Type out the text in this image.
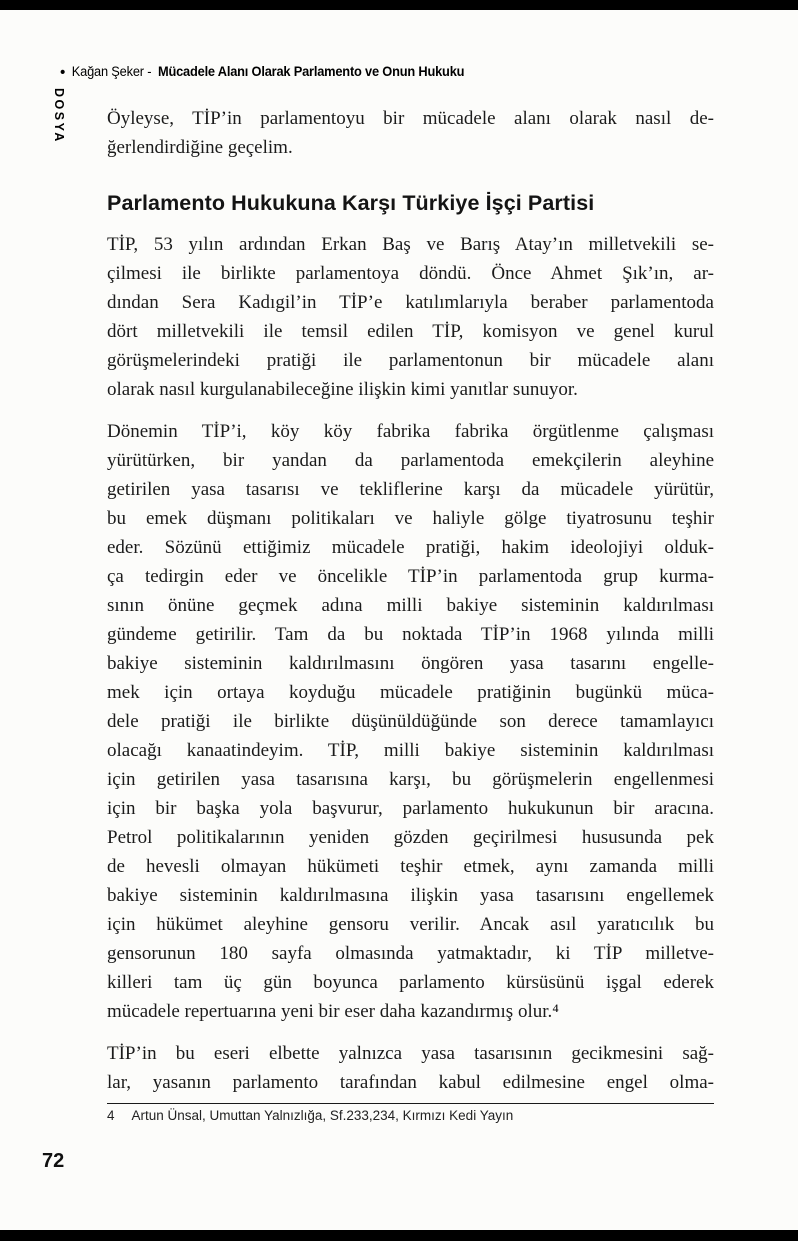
• Kağan Şeker - Mücadele Alanı Olarak Parlamento ve Onun Hukuku
DOSYA Öyleyse, TİP’in parlamentoyu bir mücadele alanı olarak nasıl de-
ğerlendirdiğine geçelim.

Parlamento Hukukuna Karşı Türkiye İşçi Partisi

TİP, 53 yılın ardından Erkan Baş ve Barış Atay’ın milletvekili se-
çilmesi ile birlikte parlamentoya döndü. Önce Ahmet Şık’ın, ar-
dından Sera Kadıgil’in TİP’e katılımlarıyla beraber parlamentoda
dört milletvekili ile temsil edilen TİP, komisyon ve genel kurul
görüşmelerindeki pratiği ile parlamentonun bir mücadele alanı
olarak nasıl kurgulanabileceğine ilişkin kimi yanıtlar sunuyor.

Dönemin TİP’i, köy köy fabrika fabrika örgütlenme çalışması
yürütürken, bir yandan da parlamentoda emekçilerin aleyhine
getirilen yasa tasarısı ve tekliflerine karşı da mücadele yürütür,
bu emek düşmanı politikaları ve haliyle gölge tiyatrosunu teşhir
eder. Sözünü ettiğimiz mücadele pratiği, hakim ideolojiyi olduk-
ça tedirgin eder ve öncelikle TİP’in parlamentoda grup kurma-
sının önüne geçmek adına milli bakiye sisteminin kaldırılması
gündeme getirilir. Tam da bu noktada TİP’in 1968 yılında milli
bakiye sisteminin kaldırılmasını öngören yasa tasarını engelle-
mek için ortaya koyduğu mücadele pratiğinin bugünkü müca-
dele pratiği ile birlikte düşünüldüğünde son derece tamamlayıcı
olacağı kanaatindeyim. TİP, milli bakiye sisteminin kaldırılması
için getirilen yasa tasarısına karşı, bu görüşmelerin engellenmesi
için bir başka yola başvurur, parlamento hukukunun bir aracına.
Petrol politikalarının yeniden gözden geçirilmesi hususunda pek
de hevesli olmayan hükümeti teşhir etmek, aynı zamanda milli
bakiye sisteminin kaldırılmasına ilişkin yasa tasarısını engellemek
için hükümet aleyhine gensoru verilir. Ancak asıl yaratıcılık bu
gensorunun 180 sayfa olmasında yatmaktadır, ki TİP milletve-
killeri tam üç gün boyunca parlamento kürsüsünü işgal ederek
mücadele repertuarına yeni bir eser daha kazandırmış olur.⁴

TİP’in bu eseri elbette yalnızca yasa tasarısının gecikmesini sağ-
lar, yasanın parlamento tarafından kabul edilmesine engel olma-

4 Artun Ünsal, Umuttan Yalnızlığa, Sf.233,234, Kırmızı Kedi Yayın
72
